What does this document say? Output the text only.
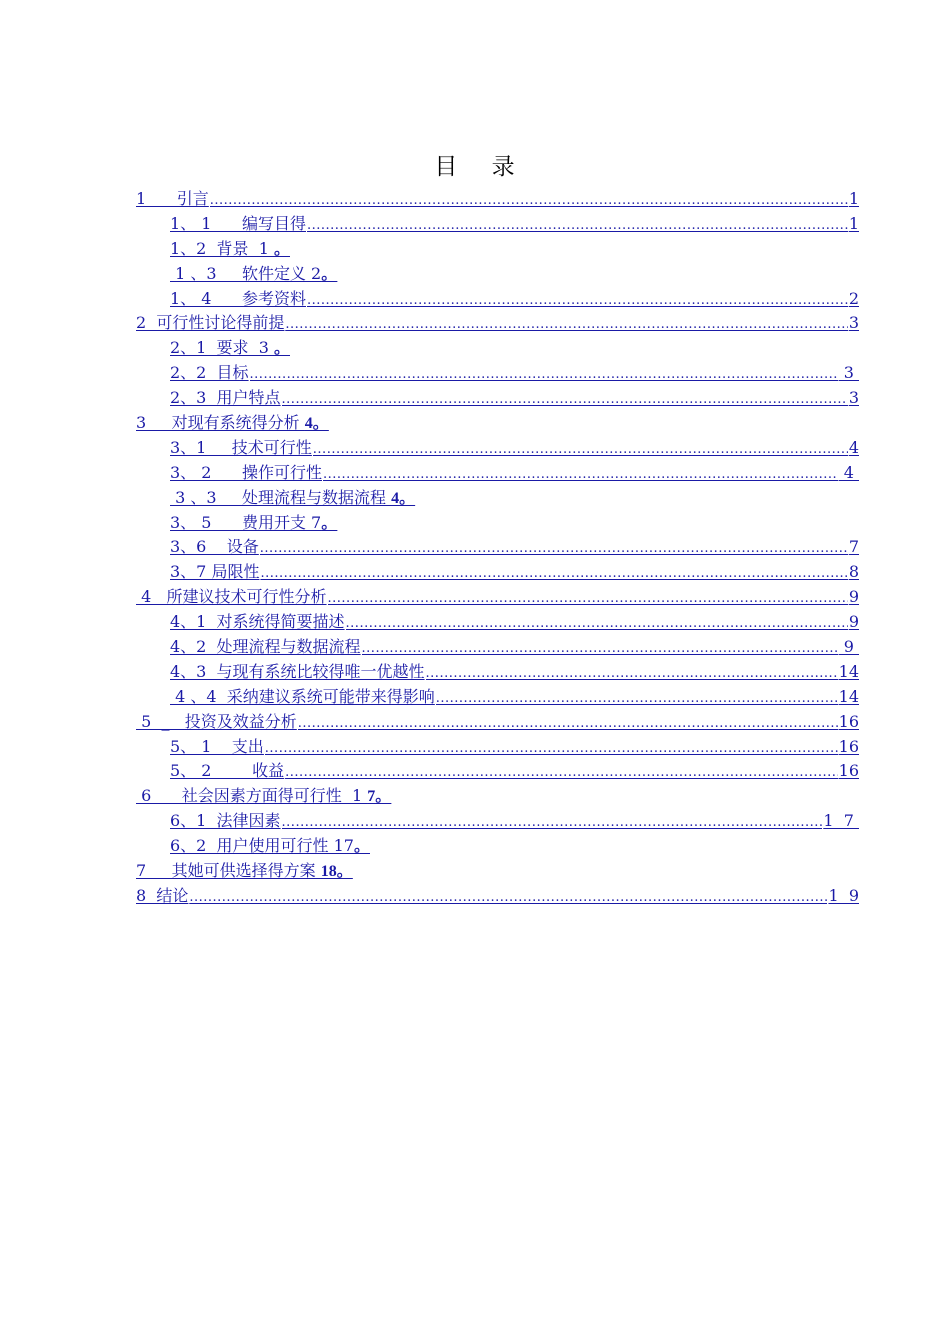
目    录
1      引言 .....	1
1、 1      编写目得 .....	1
1、2  背景  1 。
1 、3     软件定义 2 。
1、 4      参考资料 .....	2
2  可行性讨论得前提 .....	3
2、1  要求  3 。
2、2  目标 .....	3
2、3  用户特点 .....	3
3     对现有系统得分析 4。
3、1     技术可行性 .....	4
3、 2      操作可行性 .....	4
3 、3     处理流程与数据流程 4。
3、 5      费用开支 7 。
3、6    设备 .....	7
3、7 局限性 .....	8
4   所建议技术可行性分析 .....	9
4、1  对系统得简要描述 .....	9
4、2  处理流程与数据流程 .....	9
4、3  与现有系统比较得唯一优越性 .....	14
4 、4  采纳建议系统可能带来得影响 .....	14
5  _   投资及效益分析 .....	16
5、 1    支出 .....	16
5、 2        收益 .....	16
6      社会因素方面得可行性  1 7。
6、1  法律因素 .....	1  7
6、2  用户使用可行性 17 。
7     其她可供选择得方案 18。
8  结论 .....	1  9
